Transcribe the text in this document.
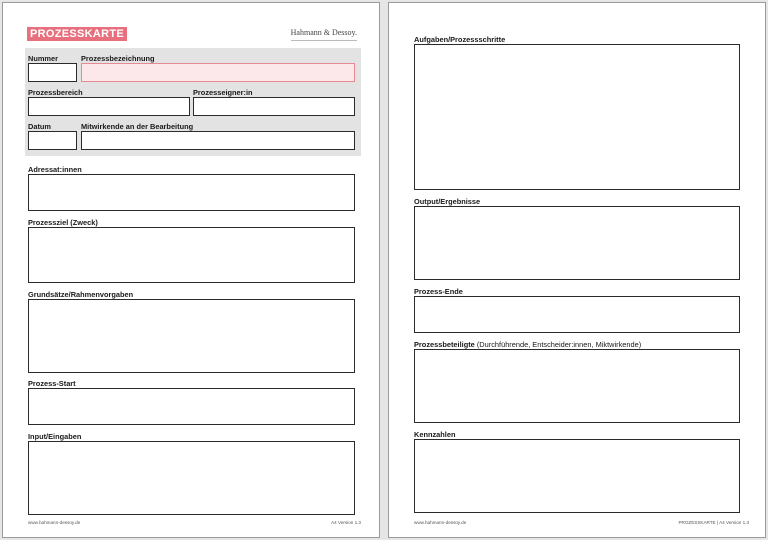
PROZESSKARTE	Hahmann & Dessoy.
Nummer	Prozessbezeichnung
Prozessbereich	Prozesseigner:in
Datum	Mitwirkende an der Bearbeitung
Adressat:innen
Prozessziel (Zweck)
Grundsätze/Rahmenvorgaben
Prozess-Start
Input/Eingaben
www.hahmann-dessoy.de	A4 Version 1.3
Aufgaben/Prozessschritte
Output/Ergebnisse
Prozess-Ende
Prozessbeteiligte (Durchführende, Entscheider:innen, Miktwirkende)
Kennzahlen
www.hahmann-dessoy.de	PROZESSKARTE | A4 Version 1.3
